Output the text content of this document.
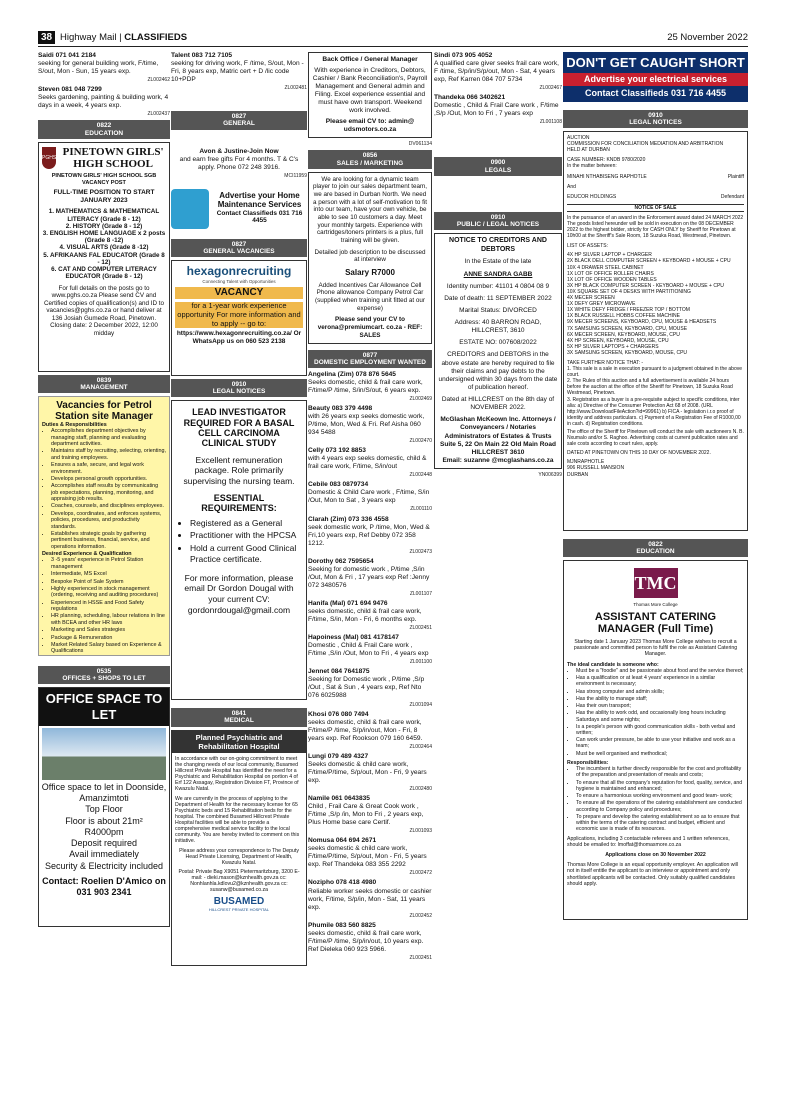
38 Highway Mail | CLASSIFIEDS	25 November 2022
Saidi 071 041 2184
seeking for general building work, F/time, S/out, Mon - Sun, 15 years exp.
ZL002462
Steven 081 048 7299
Seeks gardening, painting & building work, 4 days in a week, 4 years exp.
ZL002437
0822
EDUCATION
PGHS
PINETOWN GIRLS' HIGH SCHOOL
PINETOWN GIRLS' HIGH SCHOOL SGB VACANCY POST
FULL-TIME POSITION TO START JANUARY 2023
1. MATHEMATICS & MATHEMATICAL LITERACY (Grade 8 - 12)
2. HISTORY (Grade 8 - 12)
3. ENGLISH HOME LANGUAGE x 2 posts (Grade 8 -12)
4. VISUAL ARTS (Grade 8 -12)
5. AFRIKAANS FAL EDUCATOR (Grade 8 - 12)
6. CAT AND COMPUTER LITERACY EDUCATOR (Grade 8 - 12)
For full details on the posts go to www.pghs.co.za Please send CV and Certified copies of qualification(s) and ID to vacancies@pghs.co.za or hand deliver at 136 Josiah Gumede Road, Pinetown. Closing date: 2 December 2022, 12:00 midday
0839
MANAGEMENT
Vacancies for Petrol Station site Manager
Duties & Responsibilities
• Accomplishes department objectives by managing staff, planning and evaluating department activities.
• Maintains staff by recruiting, selecting, orienting, and training employees.
• Ensures a safe, secure, and legal work environment.
• Develops personal growth opportunities.
• Accomplishes staff results by communicating job expectations, planning, monitoring, and appraising job results.
• Coaches, counsels, and disciplines employees.
• Develops, coordinates, and enforces systems, policies, procedures, and productivity standards.
• Establishes strategic goals by gathering pertinent business, financial, service, and operations information.
Desired Experience & Qualification
• 3 -5 years' experience in Petrol Station management
• Intermediate, MS Excel
• Bespoke Point of Sale System
• Highly experienced in stock management (ordering, receiving and auditing procedures)
• Experienced in HSSE and Food Safety regulations
• HR planning, scheduling, labour relations in line with BCEA and other HR laws
• Marketing and Sales strategies
• Package & Remuneration
• Market Related Salary based on Experience & Qualifications
0535
OFFICES + SHOPS TO LET
OFFICE SPACE TO LET
Office space to let in Doonside,
Amanzimtoti
Top Floor
Floor is about 21m²
R4000pm
Deposit required
Avail immediately
Security & Electricity included
Contact: Roelien D'Amico on 031 903 2341
Talent 083 712 7105
seeking for driving work, F /time, S/out, Mon - Fri, 8 years exp, Matric cert + D /lic code 10+PDP
ZL002481
0827
GENERAL
Avon & Justine-Join Now
and earn free gifts For 4 months. T & C's apply. Phone 072 248 3916.
MCI11959
Advertise your Home Maintenance Services
Contact Classifieds 031 716 4455
0827
GENERAL VACANCIES
hexagonrecruiting
Connecting Talent with Opportunities
VACANCY
for a 1-year work experience opportunity For more information and to apply -- go to:
https://www.hexagonrecruiting.co.za/ Or WhatsApp us on 060 523 2138
0910
LEGAL NOTICES
LEAD INVESTIGATOR REQUIRED FOR A BASAL CELL CARCINOMA CLINICAL STUDY
Excellent remuneration package. Role primarily supervising the nursing team.
ESSENTIAL REQUIREMENTS:
• Registered as a General
• Practitioner with the HPCSA
• Hold a current Good Clinical Practice certificate.
For more information, please email Dr Gordon Dougal with your current CV: gordonrdougal@gmail.com
0841
MEDICAL
Planned Psychiatric and Rehabilitation Hospital

In accordance with our on-going commitment to meet the changing needs of our local community, Busamed Hillcrest Private Hospital has identified the need for a Psychiatric and Rehabilitation Hospital on portion 4 of Erf 122 Assagay, Registration Division FT, Province of Kwazulu Natal.

We are currently in the process of applying to the Department of Health for the necessary license for 65 Psychiatric beds and 15 Rehabilitation beds for the hospital. The combined Busamed Hillcrest Private Hospital facilities will be able to provide a comprehensive medical service facility to the local community. You are hereby invited to comment on this initiative.

Please address your correspondence to The Deputy Head Private Licensing, Department of Health, Kwazulu Natal.

Postal: Private Bag X9051 Pietermaritzburg, 3200 E-mail: - dieki.mason@kznhealth.gov.za cc: Nonhlanhla.kdlovu2@kznhealth.gov.za cc: susanw@busamed.co.za

BUSAMED
HILLCREST PRIVATE HOSPITAL
Back Office / General Manager
With experience in Creditors, Debtors, Cashier / Bank Reconciliation's, Payroll Management and General admin and Filing. Excel experience essential and must have own transport. Weekend work involved.
Please email CV to: admin@ udsmotors.co.za
DV061134
0856
SALES / MARKETING

We are looking for a dynamic team player to join our sales department team, we are based in Durban North. We need a person with a lot of self-motivation to fit into our team, have your own vehicle, be able to see 10 customers a day. Meet your monthly targets. Experience with cartridges/toners printers is a plus, full training will be given.

Detailed job description to be discussed at interview

Salary R7000

Added Incentives Car Allowance Cell Phone allowance Company Petrol Car (supplied when training unit fitted at our expense)

Please send your CV to verona@premiumcart. co.za - REF: SALES

0877
DOMESTIC EMPLOYMENT WANTED
Angelina (Zim) 078 876 5645
Seeks domestic, child & frail care work, F/time/P /time, S/in/S/out, 6 years exp.
ZL002469
Beauty 083 379 4498
with 26 years exp seeks domestic work, P/time, Mon, Wed & Fri. Ref Aisha 060 934 5488
ZL002470
Celly 073 192 8853
with 4 years exp seeks domestic, child & frail care work, F/time, S/in/out
ZL002448
Cebile 083 0879734
Domestic & Child Care work , F/time, S/in /Out, Mon to Sat , 3 years exp
ZL001110
Clarah (Zim) 073 336 4558
seek domestic work, P /time, Mon, Wed & Fri,10 years exp, Ref Debby 072 358 1212.
ZL002473
Dorothy 062 7595654
Seeking for domestic work , P/time ,S/in /Out, Mon & Fri , 17 years exp Ref :Jenny 072 3480576
ZL001107
Hanifa (Mal) 071 694 9476
seeks domestic, child & frail care work, F/time, S/in, Mon - Fri, 6 months exp.
ZL002451
Hapoiness (Mal) 081 4178147
Domestic , Child & Frail Care work , F/time ,S/in /Out, Mon to Fri , 4 years exp
ZL001100
Jennet 084 7641875
Seeking for Domestic work , P/time ,S/p /Out , Sat & Sun , 4 years exp, Ref Nto 076 6025988
ZL001094
Khosi 076 080 7494
seeks domestic, child & frail care work, F/time/P /time, S/p/in/out, Mon - Fri, 8 years exp. Ref Rookson 079 160 6459.
ZL002464
Lungi 079 489 4327
Seeks domestic & child care work, F/time/P/time, S/p/out, Mon - Fri, 9 years exp.
ZL002480
Namile 061 0643835
Child , Frail Care & Great Cook work , F/time ,S/p /in, Mon to Fri , 2 years exp, Plus Home base care Certif.
ZL001093
Nomusa 064 694 2671
seeks domestic & child care work, F/time/P/time, S/p/out, Mon - Fri, 5 years exp. Ref Thandeka 083 355 2292
ZL002472
Nozipho 078 418 4980
Reliable worker seeks domestic or cashier work, F/time, S/p/in, Mon - Sat, 11 years exp.
ZL002452
Phumile 083 560 8825
seeks domestic, child & frail care work, F/time/P /time, S/p/in/out, 10 years exp. Ref Dieleka 060 923 5966.
ZL002451
Sindi 073 905 4052
A qualified care giver seeks frail care work, F /time, S/p/in/S/p/out, Mon - Sat, 4 years exp, Ref Karren 084 707 5734
ZL002467
Thandeka 066 3402621
Domestic , Child & Frail Care work , F/time ,S/p /Out, Mon to Fri , 7 years exp
ZL001108
0900
LEGALS
0910
PUBLIC / LEGAL NOTICES
NOTICE TO CREDITORS AND DEBTORS
In the Estate of the late
ANNE SANDRA GABB
Identity number: 41101 4 0804 08 9
Date of death: 11 SEPTEMBER 2022
Marital Status: DIVORCED
Address: 40 BARRON ROAD, HILLCREST, 3610
ESTATE NO: 007608/2022
CREDITORS and DEBTORS in the above estate are hereby required to file their claims and pay debts to the undersigned within 30 days from the date of publication hereof.
Dated at HILLCREST on the 8th day of NOVEMBER 2022.
McGlashan McKeown Inc. Attorneys / Conveyancers / Notaries Administrators of Estates & Trusts Suite 5, 22 On Main 22 Old Main Road HILLCREST 3610
Email: suzanne @mcglashans.co.za
YN006399
DON'T GET CAUGHT SHORT
Advertise your electrical services
Contact Classifieds 031 716 4455
0910
LEGAL NOTICES
AUCTION
COMMISSION FOR CONCILIATION MEDIATION AND ARBITRATION
HELD AT DURBAN
CASE NUMBER: KNDB 9780/2020
In the matter between:
MINAHI NTHABISENG RAPHOTLE	Plaintiff
And
EDUCOR HOLDINGS	Defendant
NOTICE OF SALE
In the pursuance of an award in the Enforcement award dated 24 MARCH 2022 The goods listed hereunder will be sold in execution on the 08 DECEMBER 2022 to the highest bidder, strictly for CASH ONLY by Sheriff for Pinetown at 10h00 at the Sheriff's Sale Room, 18 Suzuka Road, Westmead, Pinetown.
LIST OF ASSETS:
4X HP SILVER LAPTOP + CHARGER
2X BLACK DELL COMPUTER SCREEN + KEYBOARD + MOUSE + CPU
10X 4 DRAWER STEEL CABINET
1X LOT OF OFFICE ROLLER CHAIRS
1X LOT OF OFFICE WOODEN TABLES
3X HP BLACK COMPUTER SCREEN - KEYBOARD + MOUSE + CPU
10X SQUARE SET OF 4 DESKS WITH PARTITIONING
4X MECER SCREEN
1X DEFY GREY MICROWAVE
1X WHITE DEFY FRIDGE / FREEZER TOP / BOTTOM
1X BLACK RUSSELL HOBBS COFFEE MACHINE
9X MECER SCREENS, KEYBOARD, CPU, MOUSE & HEADSETS
7X SAMSUNG SCREEN, KEYBOARD, CPU, MOUSE
6X MECER SCREEN, KEYBOARD, MOUSE, CPU
4X HP SCREEN, KEYBOARD, MOUSE, CPU
5X HP SILVER LAPTOPS + CHARGERS
3X SAMSUNG SCREEN, KEYBOARD, MOUSE, CPU
TAKE FURTHER NOTICE THAT: -
1. This sale is a sale in execution pursuant to a judgment obtained in the above court.
2. The Rules of this auction and a full advertisement is available 24 hours before the auction at the office of the Sheriff for Pinetown, 18 Suzuka Road Westmead, Pinetown.
3. Registration as a buyer is a pre-requisite subject to specific conditions, inter alia: a) Directive of the Consumer Protection Act 68 of 2008. (URL http://www.DownloadFileAction?id=99961) b) FICA - legislation i.r.o proof of identity and address particulars. c) Payment of a Registration Fee of R1000,00 in cash. d) Registration conditions.
The office of the Sheriff for Pinetown will conduct the sale with auctioneers N. B. Nxumalo and/or S. Raghoo. Advertising costs at current publication rates and sale costs according to court rules, apply.
DATED AT PINETOWN ON THIS 10 DAY OF NOVEMBER 2022.
MJNRAPHOTLE
906 RUSSELL MANSION
DURBAN
0822
EDUCATION
TMC
Thomas More College
ASSISTANT CATERING MANAGER (Full Time)
Starting date 1 January 2023 Thomas More College wishes to recruit a passionate and committed person to fulfil the role as Assistant Catering Manager.
The ideal candidate is someone who:
• Must be a "foodie" and be passionate about food and the service thereof;
• Has a qualification or at least 4 years' experience in a similar environment is necessary;
• Has strong computer and admin skills;
• Has the ability to manage staff;
• Has their own transport;
• Has the ability to work odd, and occasionally long hours including Saturdays and some nights;
• Is a people's person with good communication skills - both verbal and written;
• Can work under pressure, be able to use your initiative and work as a team;
• Must be well organised and methodical;
Responsibilities:
• The incumbent is further directly responsible for the cost and profitability of the preparation and presentation of meals and costs;
• To ensure that all the company's reputation for food, quality, service, and hygiene is maintained and enhanced;
• To ensure a harmonious working environment and good team- work;
• To ensure all the operations of the catering establishment are conducted according to Company policy and procedures;
• To prepare and develop the catering establishment so as to ensure that within the terms of the catering contract and budget, efficient and economic use is made of its resources.
Applications, including 3 contactable referees and 1 written references, should be emailed to: lmoffat@thomasmore.co.za
Applications close on 30 November 2022
Thomas More College is an equal opportunity employer. An application will not in itself entitle the applicant to an interview or appointment and only shortlisted applicants will be contacted. Only suitably qualified candidates should apply.
